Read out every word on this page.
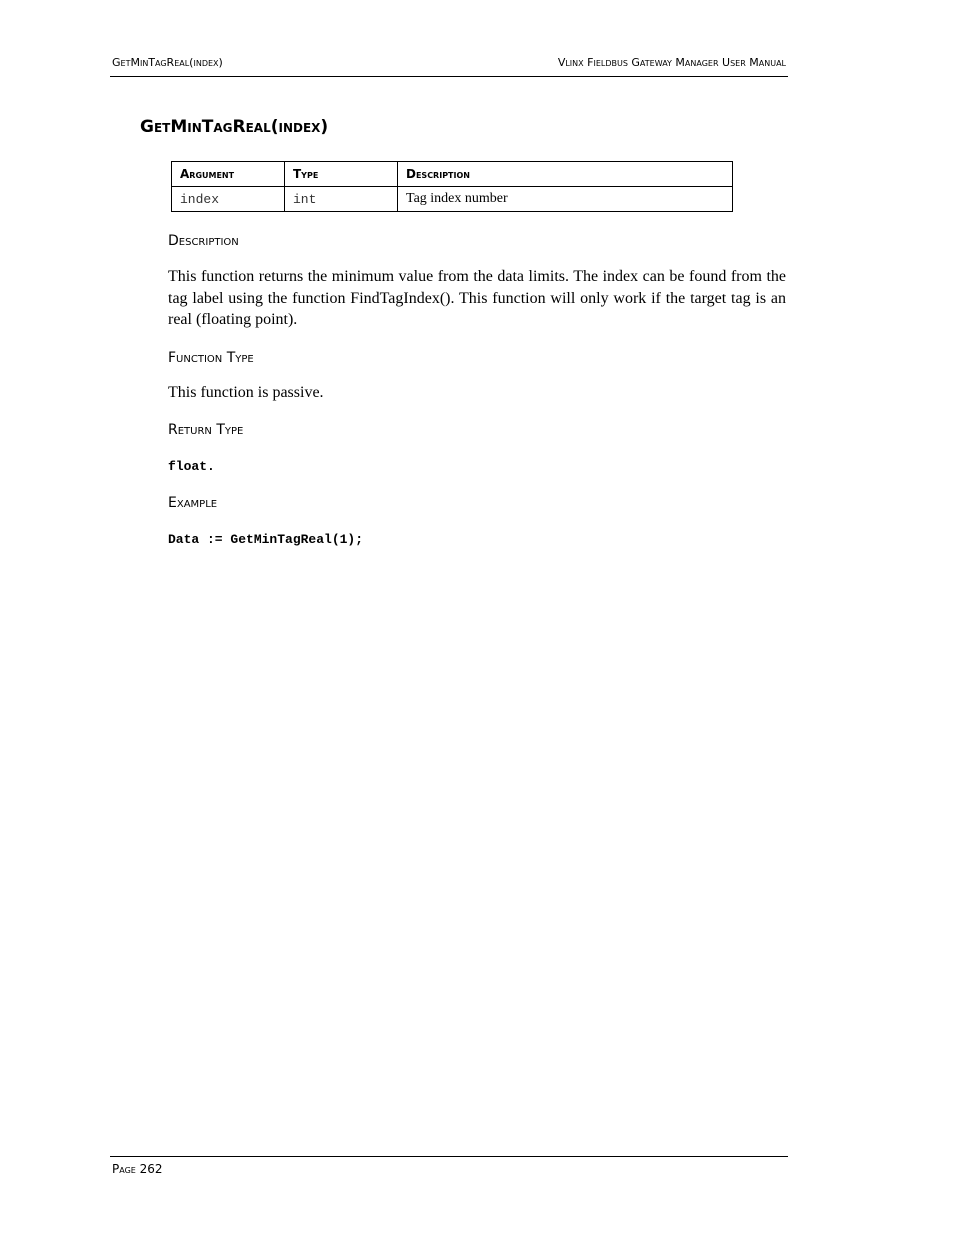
GetMinTagReal(index)	Vlinx Fieldbus Gateway Manager User Manual
GetMinTagReal(index)
Argument	Type	Description
index	int	Tag index number
Description

This function returns the minimum value from the data limits. The index can be found from the tag label using the function FindTagIndex(). This function will only work if the target tag is an real (floating point).

Function Type

This function is passive.

Return Type
float.
Example
Data := GetMinTagReal(1);
Page 262
